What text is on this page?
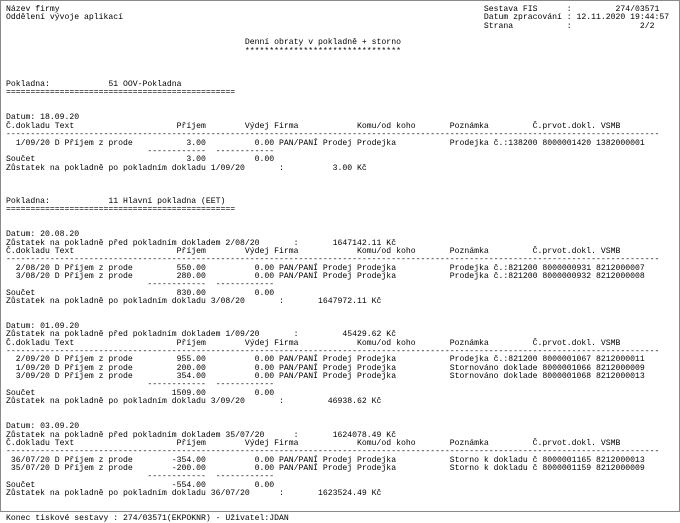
Název firmy                                                                                       Sestava FIS      :         274/03571
Oddělení vývoje aplikací                                                                          Datum zpracování : 12.11.2020 19:44:57
Strana           :              2/2

Denní obraty v pokladně + storno
********************************

Pokladna:            51 OOV-Pokladna
===============================================

Datum: 18.09.20
Č.dokladu Text                     Příjem        Výdej Firma            Komu/od koho       Poznámka         Č.prvot.dokl. VSMB
--------------------------------------------------------------------------------------------------------------------------------------
1/09/20 D Příjem z prode           3.00          0.00 PAN/PANÍ Prodej Prodejka           Prodejka č.:138200 8000001420 1382000001
------------  ------------
Součet                               3.00          0.00
Zůstatek na pokladně po pokladním dokladu 1/09/20       :          3.00 Kč

Pokladna:            11 Hlavní pokladna (EET)
===============================================

Datum: 20.08.20
Zůstatek na pokladně před pokladním dokladem 2/08/20       :       1647142.11 Kč
Č.dokladu Text                     Příjem        Výdej Firma            Komu/od koho       Poznámka         Č.prvot.dokl. VSMB
--------------------------------------------------------------------------------------------------------------------------------------
2/08/20 D Příjem z prode         550.00          0.00 PAN/PANÍ Prodej Prodejka           Prodejka č.:821200 8000000931 8212000007
3/08/20 D Příjem z prode         280.00          0.00 PAN/PANÍ Prodej Prodejka           Prodejka č.:821200 8000000932 8212000008
------------  ------------
Součet                             830.00          0.00
Zůstatek na pokladně po pokladním dokladu 3/08/20       :       1647972.11 Kč

Datum: 01.09.20
Zůstatek na pokladně před pokladním dokladem 1/09/20       :         45429.62 Kč
Č.dokladu Text                     Příjem        Výdej Firma            Komu/od koho       Poznámka         Č.prvot.dokl. VSMB
--------------------------------------------------------------------------------------------------------------------------------------
2/09/20 D Příjem z prode         955.00          0.00 PAN/PANÍ Prodej Prodejka           Prodejka č.:821200 8000001067 8212000011
1/09/20 D Příjem z prode         200.00          0.00 PAN/PANÍ Prodej Prodejka           Stornováno doklade 8000001066 8212000009
3/09/20 D Příjem z prode         354.00          0.00 PAN/PANÍ Prodej Prodejka           Stornováno doklade 8000001068 8212000013
------------  ------------
Součet                            1509.00          0.00
Zůstatek na pokladně po pokladním dokladu 3/09/20       :         46938.62 Kč

Datum: 03.09.20
Zůstatek na pokladně před pokladním dokladem 35/07/20      :       1624078.49 Kč
Č.dokladu Text                     Příjem        Výdej Firma            Komu/od koho       Poznámka         Č.prvot.dokl. VSMB
--------------------------------------------------------------------------------------------------------------------------------------
36/07/20 D Příjem z prode        -354.00          0.00 PAN/PANÍ Prodej Prodejka           Storno k dokladu č 8000001165 8212000013
35/07/20 D Příjem z prode        -200.00          0.00 PAN/PANÍ Prodej Prodejka           Storno k dokladu č 8000001159 8212000009
------------  ------------
Součet                            -554.00          0.00
Zůstatek na pokladně po pokladním dokladu 36/07/20      :       1623524.49 Kč

Konec tiskové sestavy : 274/03571(EKPOKNR) - Uživatel:JDAN
